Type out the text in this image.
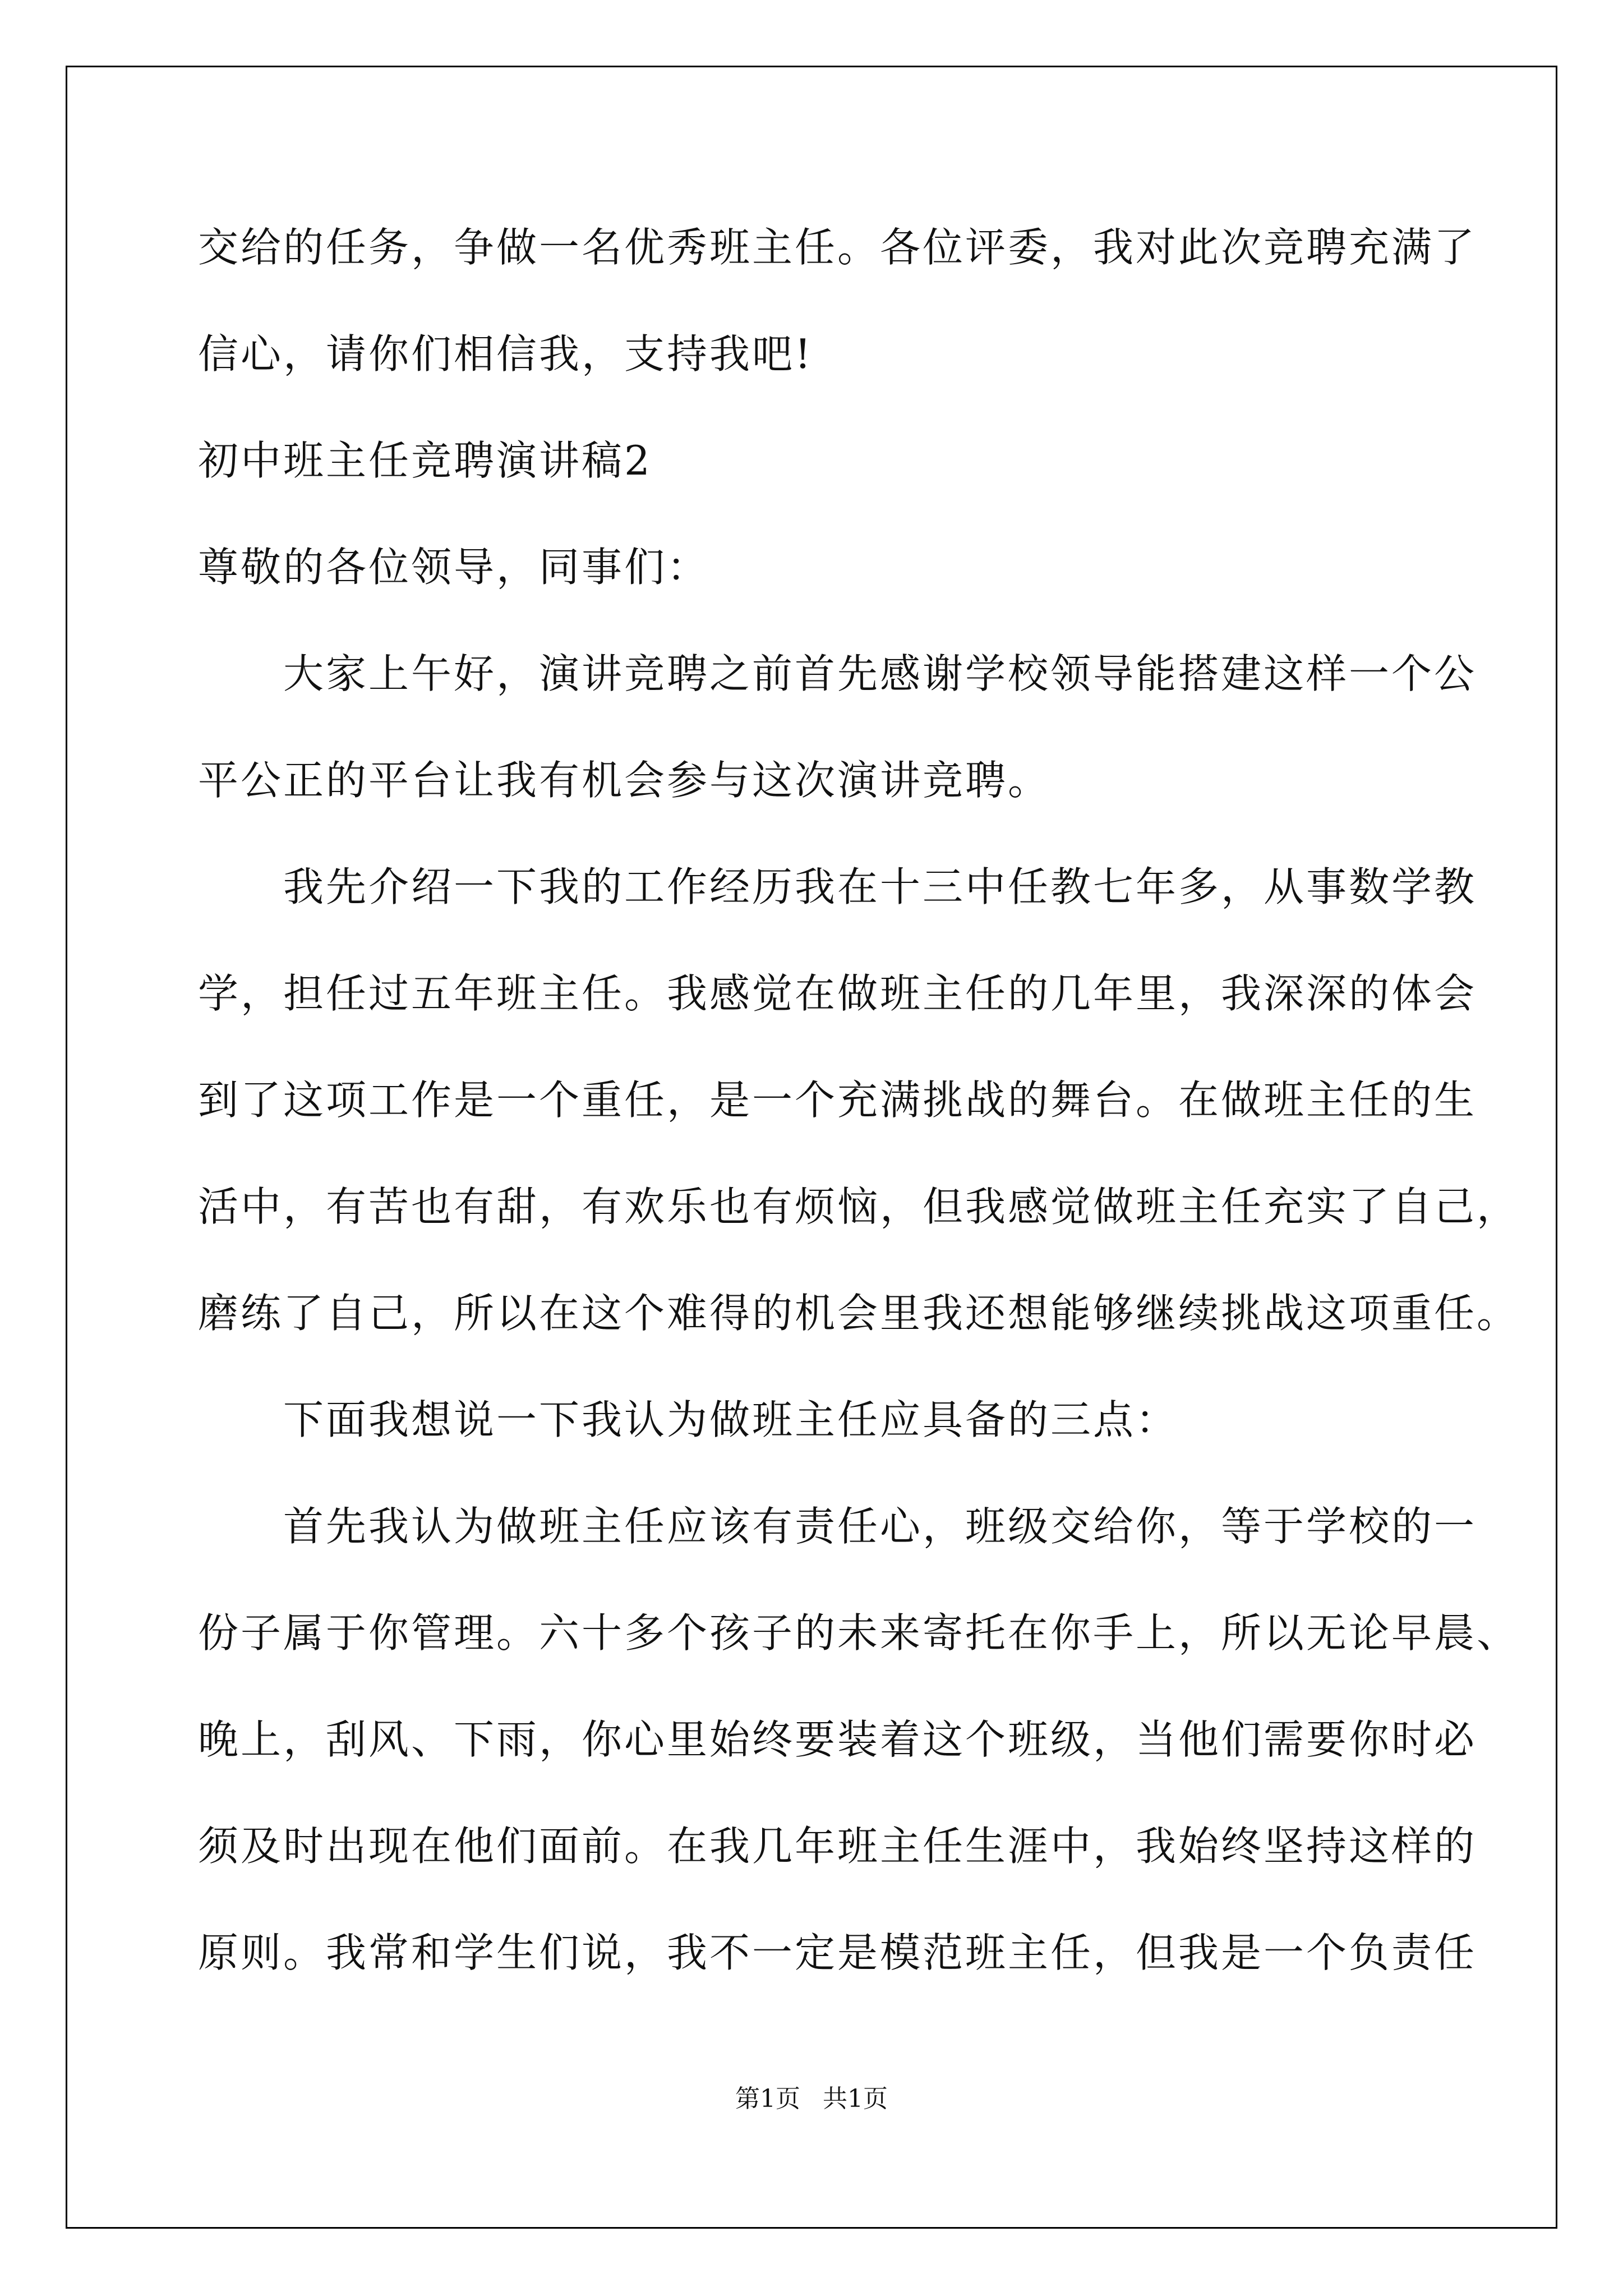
交给的任务，争做一名优秀班主任。各位评委，我对此次竞聘充满了
信心，请你们相信我，支持我吧!
初中班主任竞聘演讲稿2
尊敬的各位领导，同事们：
　　大家上午好，演讲竞聘之前首先感谢学校领导能搭建这样一个公
平公正的平台让我有机会参与这次演讲竞聘。
　　我先介绍一下我的工作经历我在十三中任教七年多，从事数学教
学，担任过五年班主任。我感觉在做班主任的几年里，我深深的体会
到了这项工作是一个重任，是一个充满挑战的舞台。在做班主任的生
活中，有苦也有甜，有欢乐也有烦恼，但我感觉做班主任充实了自己，
磨练了自己，所以在这个难得的机会里我还想能够继续挑战这项重任。
　　下面我想说一下我认为做班主任应具备的三点：
　　首先我认为做班主任应该有责任心，班级交给你，等于学校的一
份子属于你管理。六十多个孩子的未来寄托在你手上，所以无论早晨、
晚上，刮风、下雨，你心里始终要装着这个班级，当他们需要你时必
须及时出现在他们面前。在我几年班主任生涯中，我始终坚持这样的
原则。我常和学生们说，我不一定是模范班主任，但我是一个负责任
第1页 共1页
